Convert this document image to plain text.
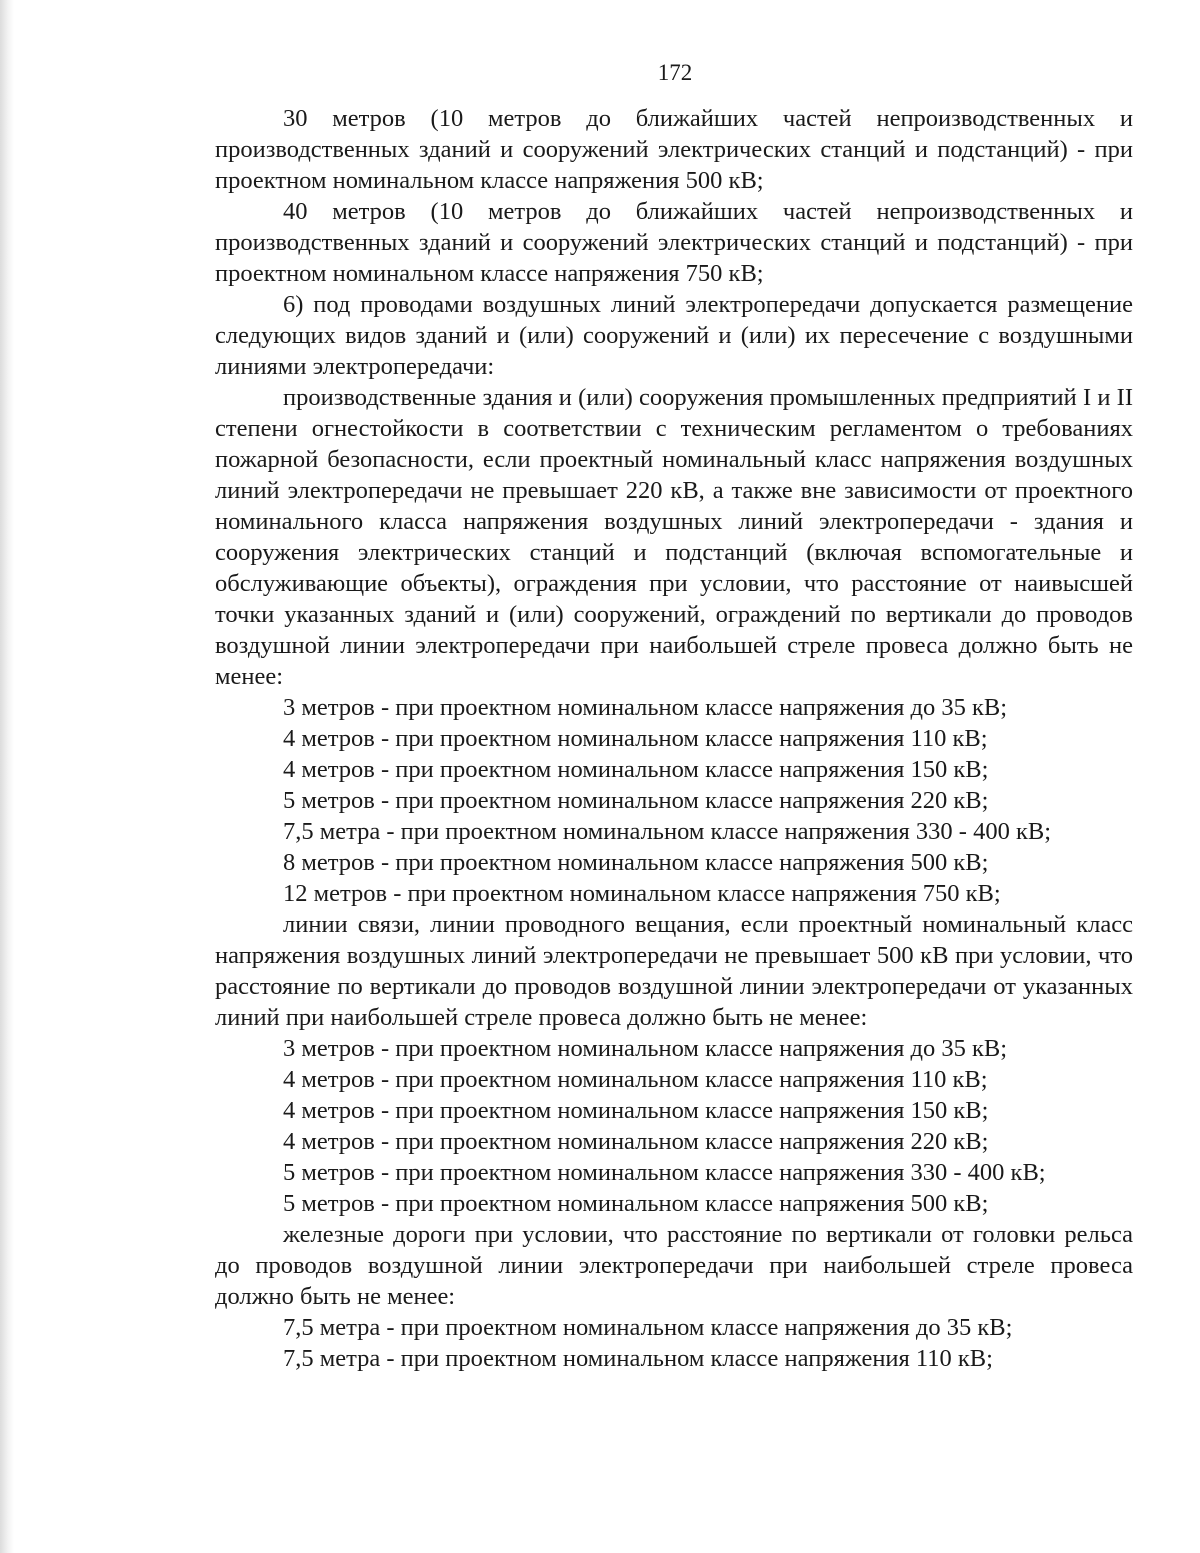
172

30 метров (10 метров до ближайших частей непроизводственных и производственных зданий и сооружений электрических станций и подстанций) - при проектном номинальном классе напряжения 500 кВ;

40 метров (10 метров до ближайших частей непроизводственных и производственных зданий и сооружений электрических станций и подстанций) - при проектном номинальном классе напряжения 750 кВ;

6) под проводами воздушных линий электропередачи допускается размещение следующих видов зданий и (или) сооружений и (или) их пересечение с воздушными линиями электропередачи:

производственные здания и (или) сооружения промышленных предприятий I и II степени огнестойкости в соответствии с техническим регламентом о требованиях пожарной безопасности, если проектный номинальный класс напряжения воздушных линий электропередачи не превышает 220 кВ, а также вне зависимости от проектного номинального класса напряжения воздушных линий электропередачи - здания и сооружения электрических станций и подстанций (включая вспомогательные и обслуживающие объекты), ограждения при условии, что расстояние от наивысшей точки указанных зданий и (или) сооружений, ограждений по вертикали до проводов воздушной линии электропередачи при наибольшей стреле провеса должно быть не менее:

3 метров - при проектном номинальном классе напряжения до 35 кВ;

4 метров - при проектном номинальном классе напряжения 110 кВ;

4 метров - при проектном номинальном классе напряжения 150 кВ;

5 метров - при проектном номинальном классе напряжения 220 кВ;

7,5 метра - при проектном номинальном классе напряжения 330 - 400 кВ;

8 метров - при проектном номинальном классе напряжения 500 кВ;

12 метров - при проектном номинальном классе напряжения 750 кВ;

линии связи, линии проводного вещания, если проектный номинальный класс напряжения воздушных линий электропередачи не превышает 500 кВ при условии, что расстояние по вертикали до проводов воздушной линии электропередачи от указанных линий при наибольшей стреле провеса должно быть не менее:

3 метров - при проектном номинальном классе напряжения до 35 кВ;

4 метров - при проектном номинальном классе напряжения 110 кВ;

4 метров - при проектном номинальном классе напряжения 150 кВ;

4 метров - при проектном номинальном классе напряжения 220 кВ;

5 метров - при проектном номинальном классе напряжения 330 - 400 кВ;

5 метров - при проектном номинальном классе напряжения 500 кВ;

железные дороги при условии, что расстояние по вертикали от головки рельса до проводов воздушной линии электропередачи при наибольшей стреле провеса должно быть не менее:

7,5 метра - при проектном номинальном классе напряжения до 35 кВ;

7,5 метра - при проектном номинальном классе напряжения 110 кВ;
